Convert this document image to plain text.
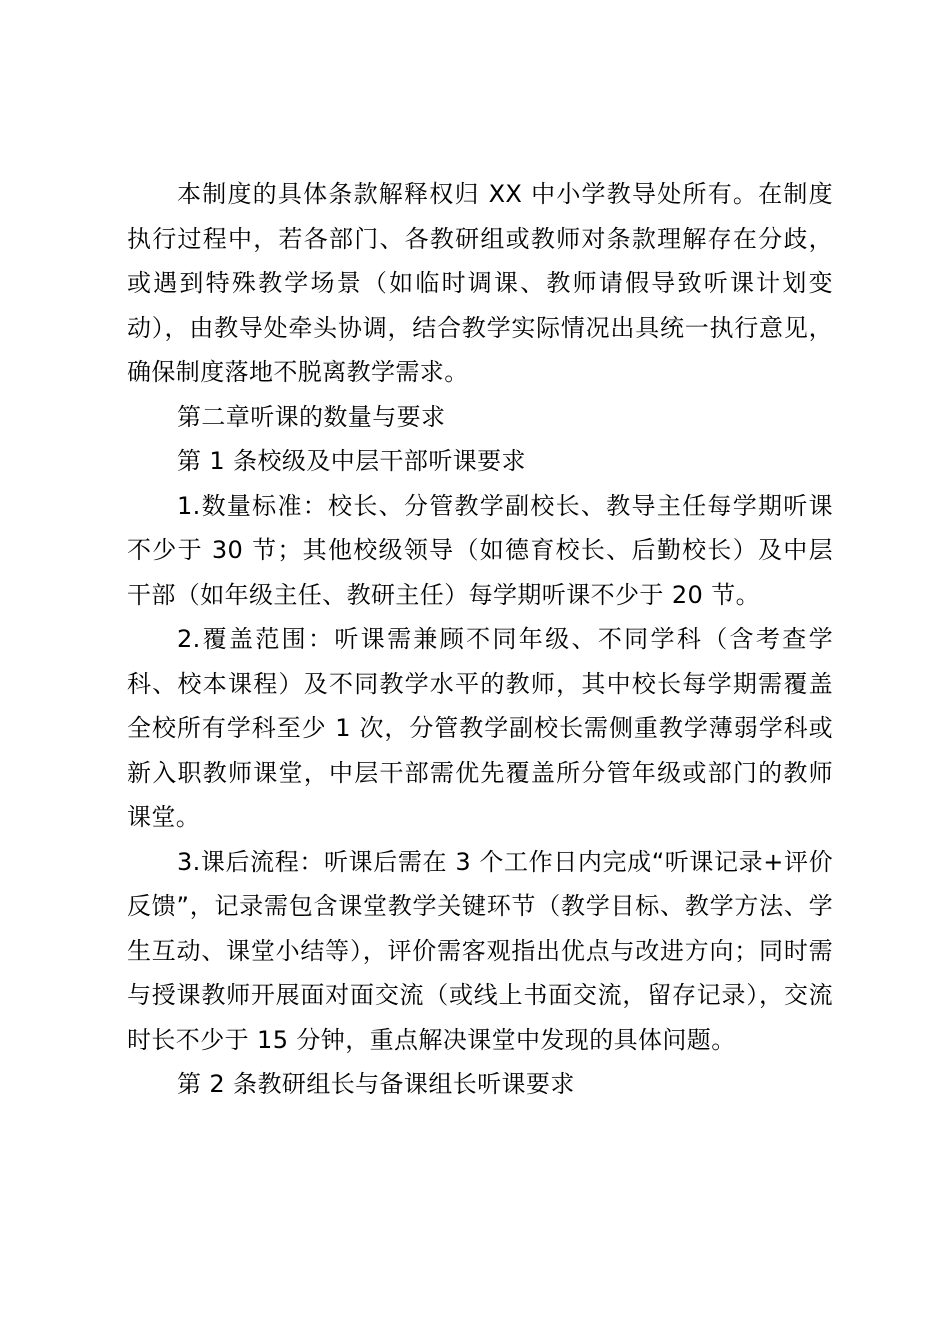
本制度的具体条款解释权归 XX 中小学教导处所有。在制度执行过程中，若各部门、各教研组或教师对条款理解存在分歧，或遇到特殊教学场景（如临时调课、教师请假导致听课计划变动），由教导处牵头协调，结合教学实际情况出具统一执行意见，确保制度落地不脱离教学需求。

第二章听课的数量与要求

第 1 条校级及中层干部听课要求

1.数量标准：校长、分管教学副校长、教导主任每学期听课不少于 30 节；其他校级领导（如德育校长、后勤校长）及中层干部（如年级主任、教研主任）每学期听课不少于 20 节。

2.覆盖范围：听课需兼顾不同年级、不同学科（含考查学科、校本课程）及不同教学水平的教师，其中校长每学期需覆盖全校所有学科至少 1 次，分管教学副校长需侧重教学薄弱学科或新入职教师课堂，中层干部需优先覆盖所分管年级或部门的教师课堂。

3.课后流程：听课后需在 3 个工作日内完成“听课记录+评价反馈”，记录需包含课堂教学关键环节（教学目标、教学方法、学生互动、课堂小结等），评价需客观指出优点与改进方向；同时需与授课教师开展面对面交流（或线上书面交流，留存记录），交流时长不少于 15 分钟，重点解决课堂中发现的具体问题。

第 2 条教研组长与备课组长听课要求
